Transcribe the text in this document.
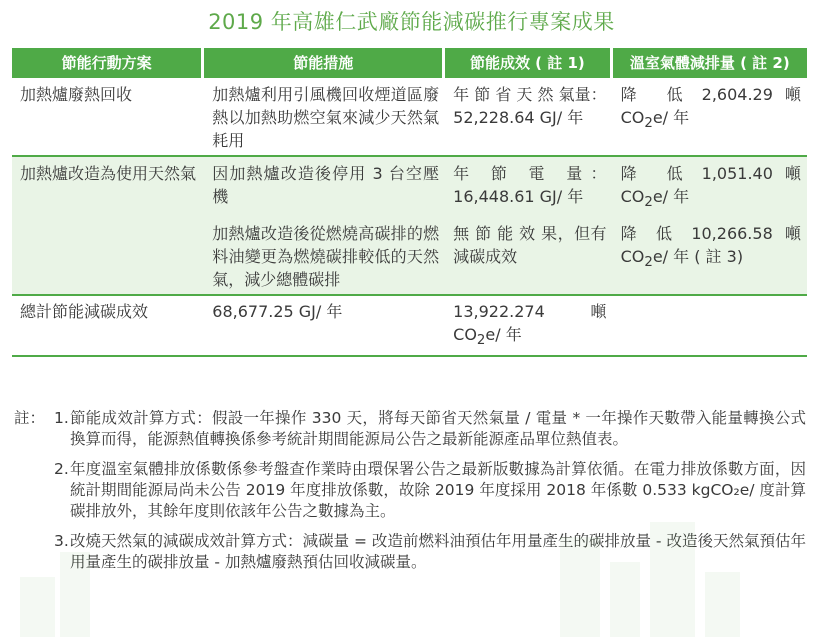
2019 年高雄仁武廠節能減碳推行專案成果
節能行動方案	節能措施	節能成效 ( 註 1)	溫室氣體減排量 ( 註 2)
加熱爐廢熱回收	加熱爐利用引風機回收煙道區廢熱以加熱助燃空氣來減少天然氣耗用	年 節 省 天 然 氣量：52,228.64 GJ/ 年	降　低 2,604.29 噸 $CO_2e/$ 年
加熱爐改造為使用天然氣	因加熱爐改造後停用 3 台空壓機	年 節 電 量：16,448.61 GJ/ 年	降　低 1,051.40 噸 $CO_2e/$ 年
	加熱爐改造後從燃燒高碳排的燃料油變更為燃燒碳排較低的天然氣，減少總體碳排	無 節 能 效 果，但有減碳成效	降 低 10,266.58 噸 $CO_2e/$ 年 ( 註 3)
總計節能減碳成效	68,677.25 GJ/ 年	13,922.274　噸 $CO_2e/$ 年	
註： 1. 節能成效計算方式：假設一年操作 330 天，將每天節省天然氣量 / 電量 * 一年操作天數帶入能量轉換公式換算而得，能源熱值轉換係參考統計期間能源局公告之最新能源產品單位熱值表。
2. 年度溫室氣體排放係數係參考盤查作業時由環保署公告之最新版數據為計算依循。在電力排放係數方面，因統計期間能源局尚未公告 2019 年度排放係數，故除 2019 年度採用 2018 年係數 0.533 kgCO₂e/ 度計算碳排放外，其餘年度則依該年公告之數據為主。
3. 改燒天然氣的減碳成效計算方式：減碳量 = 改造前燃料油預估年用量產生的碳排放量 - 改造後天然氣預估年用量產生的碳排放量 - 加熱爐廢熱預估回收減碳量。
